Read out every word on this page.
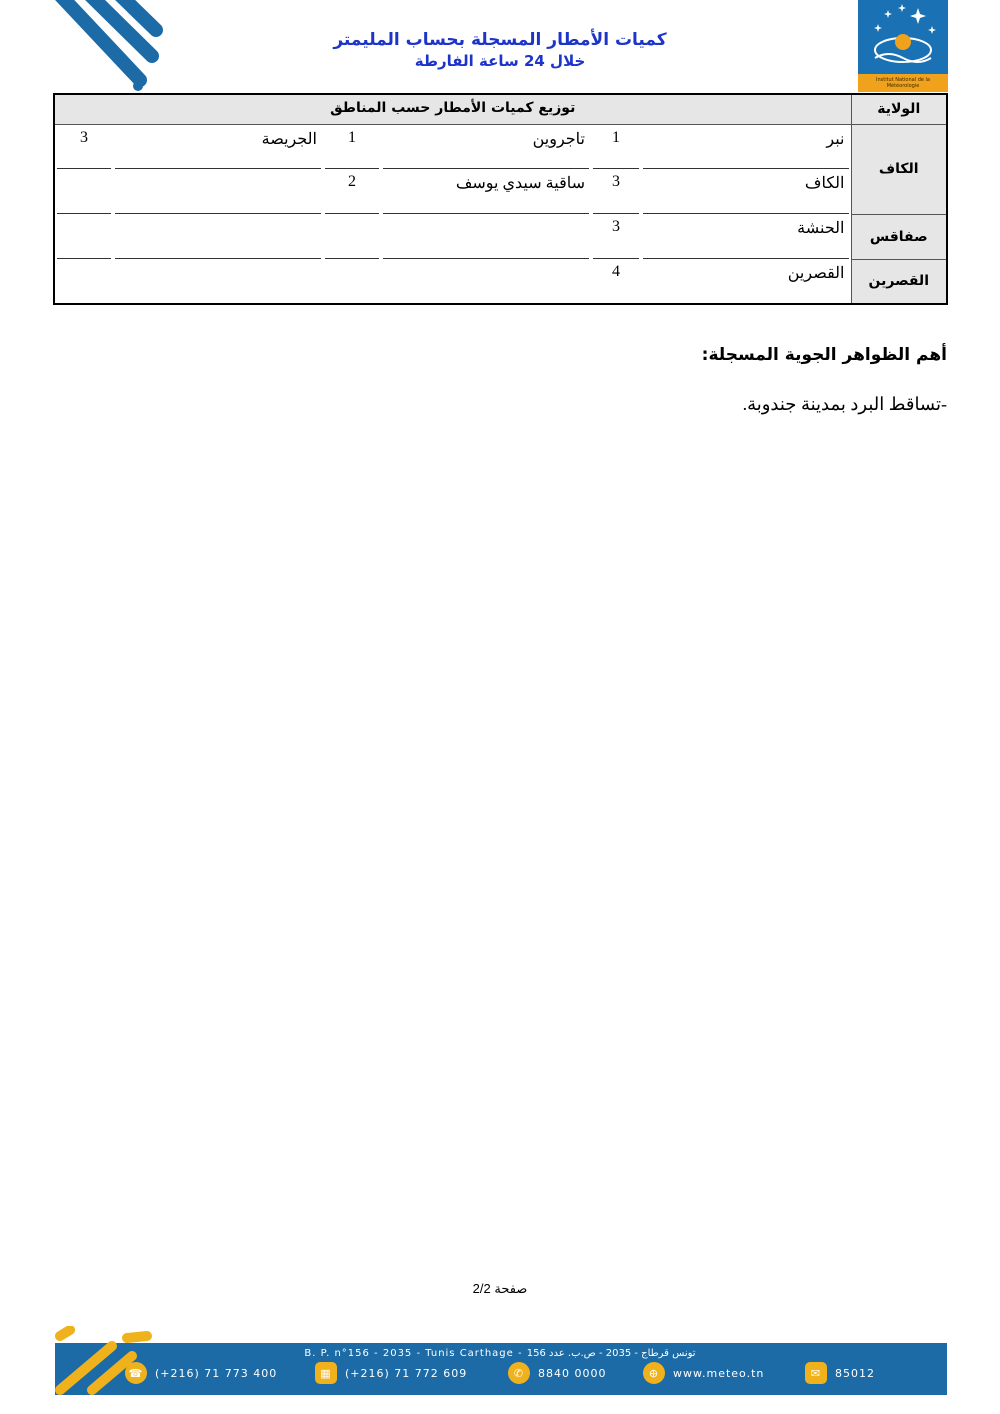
كميات الأمطار المسجلة بحساب المليمتر
خلال 24 ساعة الفارطة
Institut National de la Météorologie
الولاية	توزيع كميات الأمطار حسب المناطق					
الكاف	نبر	1	تاجروين	1	الجريصة	3

	الكاف	3	ساقية سيدي يوسف	2

صفاقس	الحنشة	3

القصرين	القصرين	4				
أهم الظواهر الجوية المسجلة:
-تساقط البرد بمدينة جندوبة.
صفحة 2/2
B. P. n°156 - 2035 - Tunis Carthage - تونس قرطاج - 2035 - ص.ب. عدد 156
☎	(+216) 71 773 400	▦	(+216) 71 772 609	✆	8840 0000	⊕	www.meteo.tn	✉	85012
